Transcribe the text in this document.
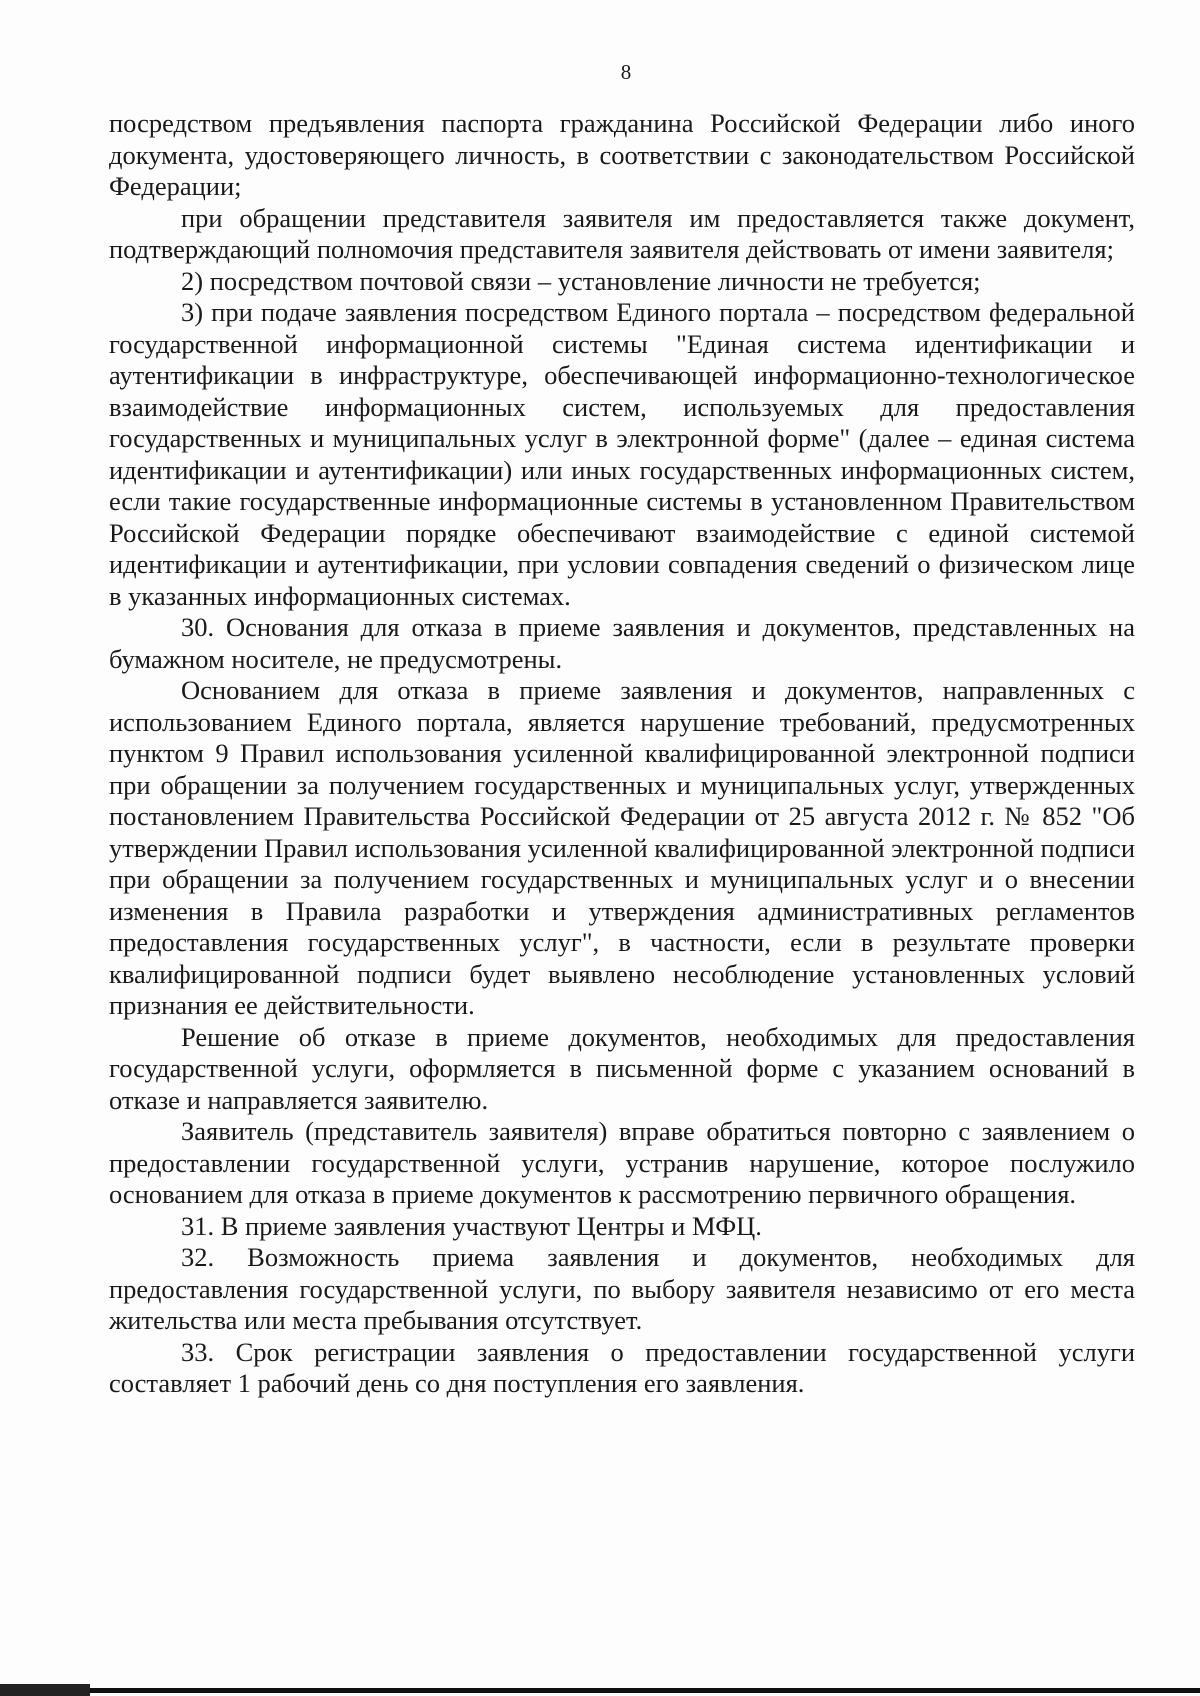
8

посредством предъявления паспорта гражданина Российской Федерации либо иного документа, удостоверяющего личность, в соответствии с законодательством Российской Федерации;

при обращении представителя заявителя им предоставляется также документ, подтверждающий полномочия представителя заявителя действовать от имени заявителя;

2) посредством почтовой связи – установление личности не требуется;

3) при подаче заявления посредством Единого портала – посредством федеральной государственной информационной системы "Единая система идентификации и аутентификации в инфраструктуре, обеспечивающей информационно-технологическое взаимодействие информационных систем, используемых для предоставления государственных и муниципальных услуг в электронной форме" (далее – единая система идентификации и аутентификации) или иных государственных информационных систем, если такие государственные информационные системы в установленном Правительством Российской Федерации порядке обеспечивают взаимодействие с единой системой идентификации и аутентификации, при условии совпадения сведений о физическом лице в указанных информационных системах.

30. Основания для отказа в приеме заявления и документов, представленных на бумажном носителе, не предусмотрены.

Основанием для отказа в приеме заявления и документов, направленных с использованием Единого портала, является нарушение требований, предусмотренных пунктом 9 Правил использования усиленной квалифицированной электронной подписи при обращении за получением государственных и муниципальных услуг, утвержденных постановлением Правительства Российской Федерации от 25 августа 2012 г. № 852 "Об утверждении Правил использования усиленной квалифицированной электронной подписи при обращении за получением государственных и муниципальных услуг и о внесении изменения в Правила разработки и утверждения административных регламентов предоставления государственных услуг", в частности, если в результате проверки квалифицированной подписи будет выявлено несоблюдение установленных условий признания ее действительности.

Решение об отказе в приеме документов, необходимых для предоставления государственной услуги, оформляется в письменной форме с указанием оснований в отказе и направляется заявителю.

Заявитель (представитель заявителя) вправе обратиться повторно с заявлением о предоставлении государственной услуги, устранив нарушение, которое послужило основанием для отказа в приеме документов к рассмотрению первичного обращения.

31. В приеме заявления участвуют Центры и МФЦ.

32. Возможность приема заявления и документов, необходимых для предоставления государственной услуги, по выбору заявителя независимо от его места жительства или места пребывания отсутствует.

33. Срок регистрации заявления о предоставлении государственной услуги составляет 1 рабочий день со дня поступления его заявления.
